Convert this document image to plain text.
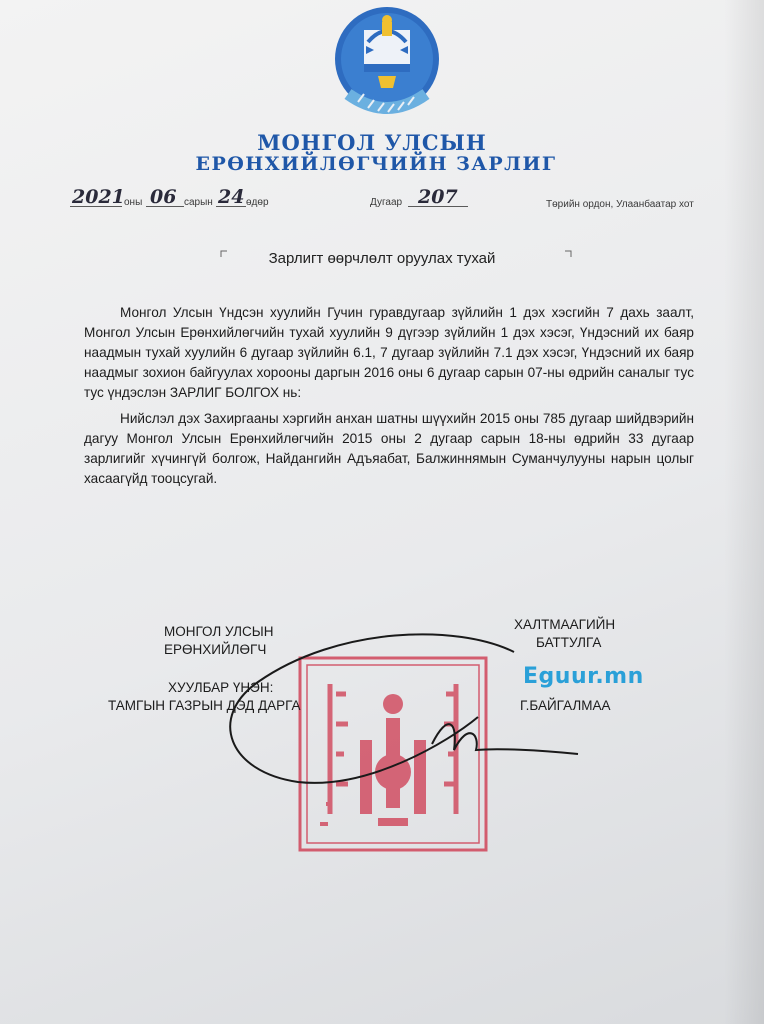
МОНГОЛ УЛСЫН
ЕРӨНХИЙЛӨГЧИЙН ЗАРЛИГ
2021 оны 06 сарын 24 өдөр	Дугаар 207	Төрийн ордон, Улаанбаатар хот
Зарлигт өөрчлөлт оруулах тухай
Монгол Улсын Үндсэн хуулийн Гучин гуравдугаар зүйлийн 1 дэх хэсгийн 7 дахь заалт, Монгол Улсын Ерөнхийлөгчийн тухай хуулийн 9 дүгээр зүйлийн 1 дэх хэсэг, Үндэсний их баяр наадмын тухай хуулийн 6 дугаар зүйлийн 6.1, 7 дугаар зүйлийн 7.1 дэх хэсэг, Үндэсний их баяр наадмыг зохион байгуулах хорооны даргын 2016 оны 6 дугаар сарын 07-ны өдрийн саналыг тус тус үндэслэн ЗАРЛИГ БОЛГОХ нь:
Нийслэл дэх Захиргааны хэргийн анхан шатны шүүхийн 2015 оны 785 дугаар шийдвэрийн дагуу Монгол Улсын Ерөнхийлөгчийн 2015 оны 2 дугаар сарын 18-ны өдрийн 33 дугаар зарлигийг хүчингүй болгож, Найдангийн Адъяабат, Балжиннямын Суманчулууны нарын цолыг хасаагүйд тооцсугай.
МОНГОЛ УЛСЫН
ЕРӨНХИЙЛӨГЧ
ХАЛТМААГИЙН
БАТТУЛГА
ХУУЛБАР ҮНЭН:
ТАМГЫН ГАЗРЫН ДЭД ДАРГА	Г.БАЙГАЛМАА
Eguur.mn
